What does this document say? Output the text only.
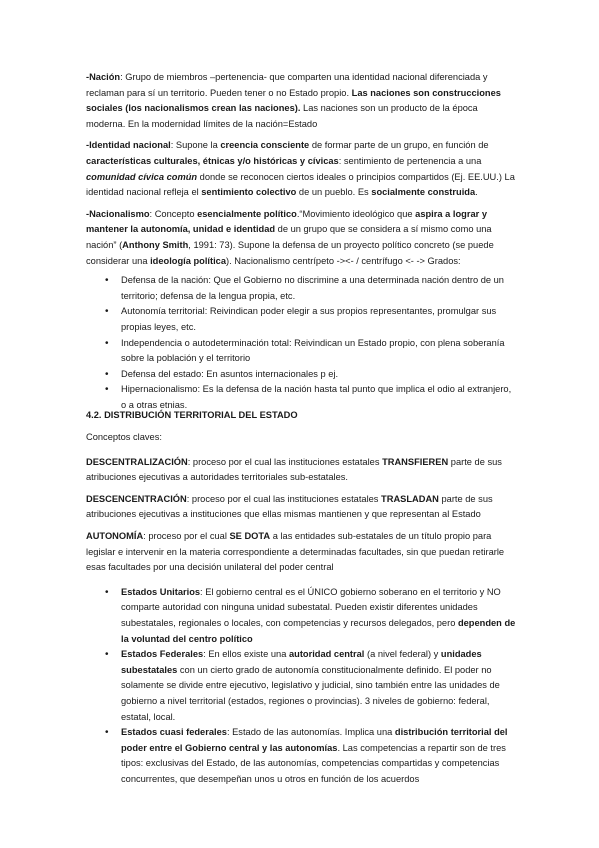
-Nación: Grupo de miembros –pertenencia- que comparten una identidad nacional diferenciada y reclaman para sí un territorio. Pueden tener o no Estado propio. Las naciones son construcciones sociales (los nacionalismos crean las naciones). Las naciones son un producto de la época moderna. En la modernidad límites de la nación=Estado

-Identidad nacional: Supone la creencia consciente de formar parte de un grupo, en función de características culturales, étnicas y/o históricas y cívicas: sentimiento de pertenencia a una comunidad cívica común donde se reconocen ciertos ideales o principios compartidos (Ej. EE.UU.) La identidad nacional refleja el sentimiento colectivo de un pueblo. Es socialmente construida.

-Nacionalismo: Concepto esencialmente político.“Movimiento ideológico que aspira a lograr y mantener la autonomía, unidad e identidad de un grupo que se considera a sí mismo como una nación” (Anthony Smith, 1991: 73). Supone la defensa de un proyecto político concreto (se puede considerar una ideología política). Nacionalismo centrípeto -><- / centrífugo <- -> Grados:

• Defensa de la nación: Que el Gobierno no discrimine a una determinada nación dentro de un territorio; defensa de la lengua propia, etc.
• Autonomía territorial: Reivindican poder elegir a sus propios representantes, promulgar sus propias leyes, etc.
• Independencia o autodeterminación total: Reivindican un Estado propio, con plena soberanía sobre la población y el territorio
• Defensa del estado: En asuntos internacionales p ej.
• Hipernacionalismo: Es la defensa de la nación hasta tal punto que implica el odio al extranjero, o a otras etnias.

4.2. DISTRIBUCIÓN TERRITORIAL DEL ESTADO

Conceptos claves:

DESCENTRALIZACIÓN: proceso por el cual las instituciones estatales TRANSFIEREN parte de sus atribuciones ejecutivas a autoridades territoriales sub-estatales.

DESCENCENTRACIÓN: proceso por el cual las instituciones estatales TRASLADAN parte de sus atribuciones ejecutivas a instituciones que ellas mismas mantienen y que representan al Estado

AUTONOMÍA: proceso por el cual SE DOTA a las entidades sub-estatales de un título propio para legislar e intervenir en la materia correspondiente a determinadas facultades, sin que puedan retirarle esas facultades por una decisión unilateral del poder central

• Estados Unitarios: El gobierno central es el ÚNICO gobierno soberano en el territorio y NO comparte autoridad con ninguna unidad subestatal. Pueden existir diferentes unidades subestatales, regionales o locales, con competencias y recursos delegados, pero dependen de la voluntad del centro político
• Estados Federales: En ellos existe una autoridad central (a nivel federal) y unidades subestatales con un cierto grado de autonomía constitucionalmente definido. El poder no solamente se divide entre ejecutivo, legislativo y judicial, sino también entre las unidades de gobierno a nivel territorial (estados, regiones o provincias). 3 niveles de gobierno: federal, estatal, local.
• Estados cuasi federales: Estado de las autonomías. Implica una distribución territorial del poder entre el Gobierno central y las autonomías. Las competencias a repartir son de tres tipos: exclusivas del Estado, de las autonomías, competencias compartidas y competencias concurrentes, que desempeñan unos u otros en función de los acuerdos
